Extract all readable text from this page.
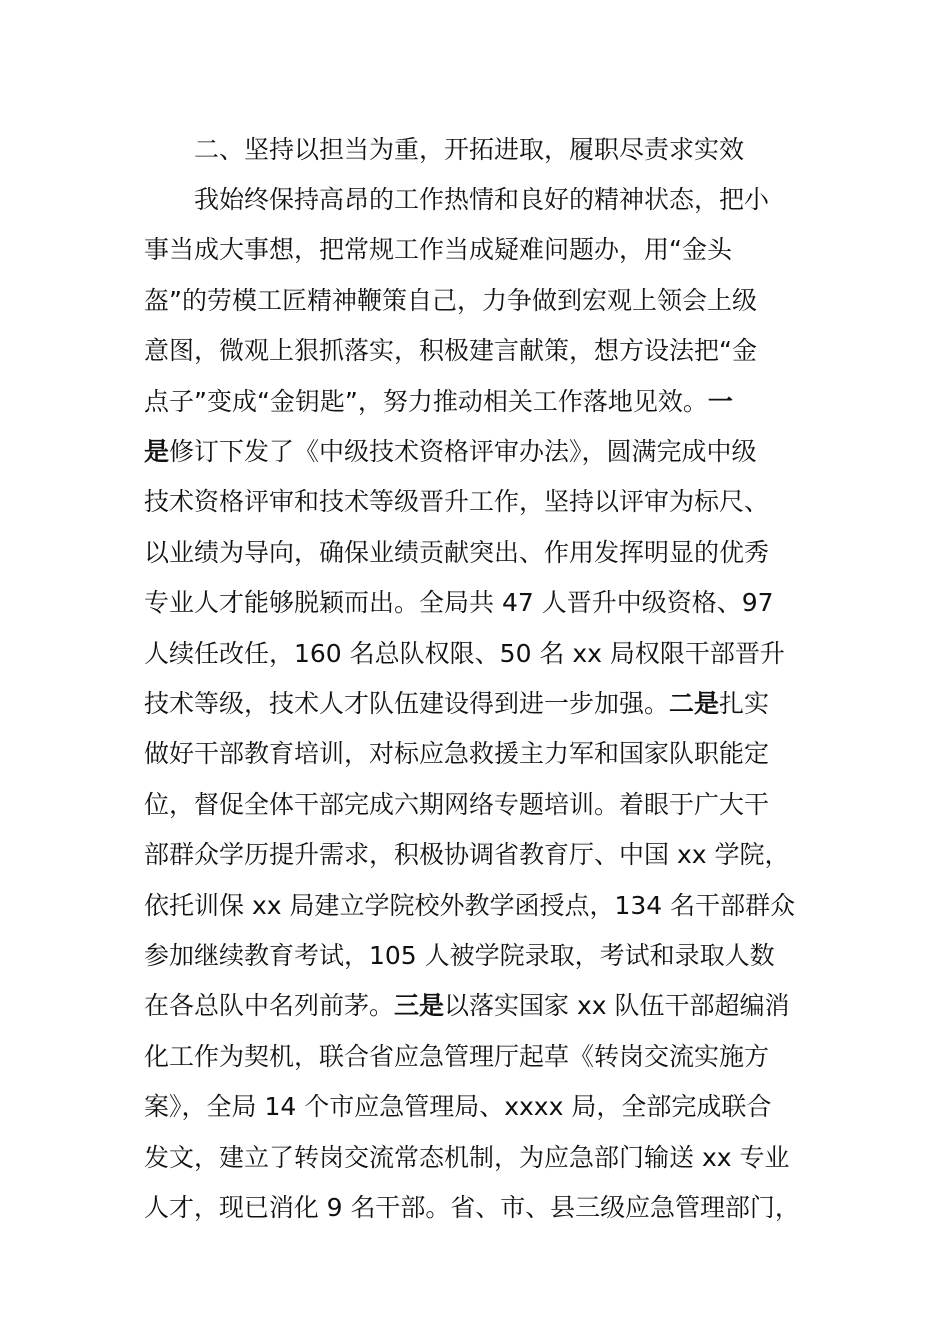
二、坚持以担当为重，开拓进取，履职尽责求实效
我始终保持高昂的工作热情和良好的精神状态，把小
事当成大事想，把常规工作当成疑难问题办，用“金头
盔”的劳模工匠精神鞭策自己，力争做到宏观上领会上级
意图，微观上狠抓落实，积极建言献策，想方设法把“金
点子”变成“金钥匙”，努力推动相关工作落地见效。一
是修订下发了《中级技术资格评审办法》，圆满完成中级
技术资格评审和技术等级晋升工作，坚持以评审为标尺、
以业绩为导向，确保业绩贡献突出、作用发挥明显的优秀
专业人才能够脱颖而出。全局共 47 人晋升中级资格、97
人续任改任，160 名总队权限、50 名 xx 局权限干部晋升
技术等级，技术人才队伍建设得到进一步加强。二是扎实
做好干部教育培训，对标应急救援主力军和国家队职能定
位，督促全体干部完成六期网络专题培训。着眼于广大干
部群众学历提升需求，积极协调省教育厅、中国 xx 学院，
依托训保 xx 局建立学院校外教学函授点，134 名干部群众
参加继续教育考试，105 人被学院录取，考试和录取人数
在各总队中名列前茅。三是以落实国家 xx 队伍干部超编消
化工作为契机，联合省应急管理厅起草《转岗交流实施方
案》，全局 14 个市应急管理局、xxxx 局，全部完成联合
发文，建立了转岗交流常态机制，为应急部门输送 xx 专业
人才，现已消化 9 名干部。省、市、县三级应急管理部门，
